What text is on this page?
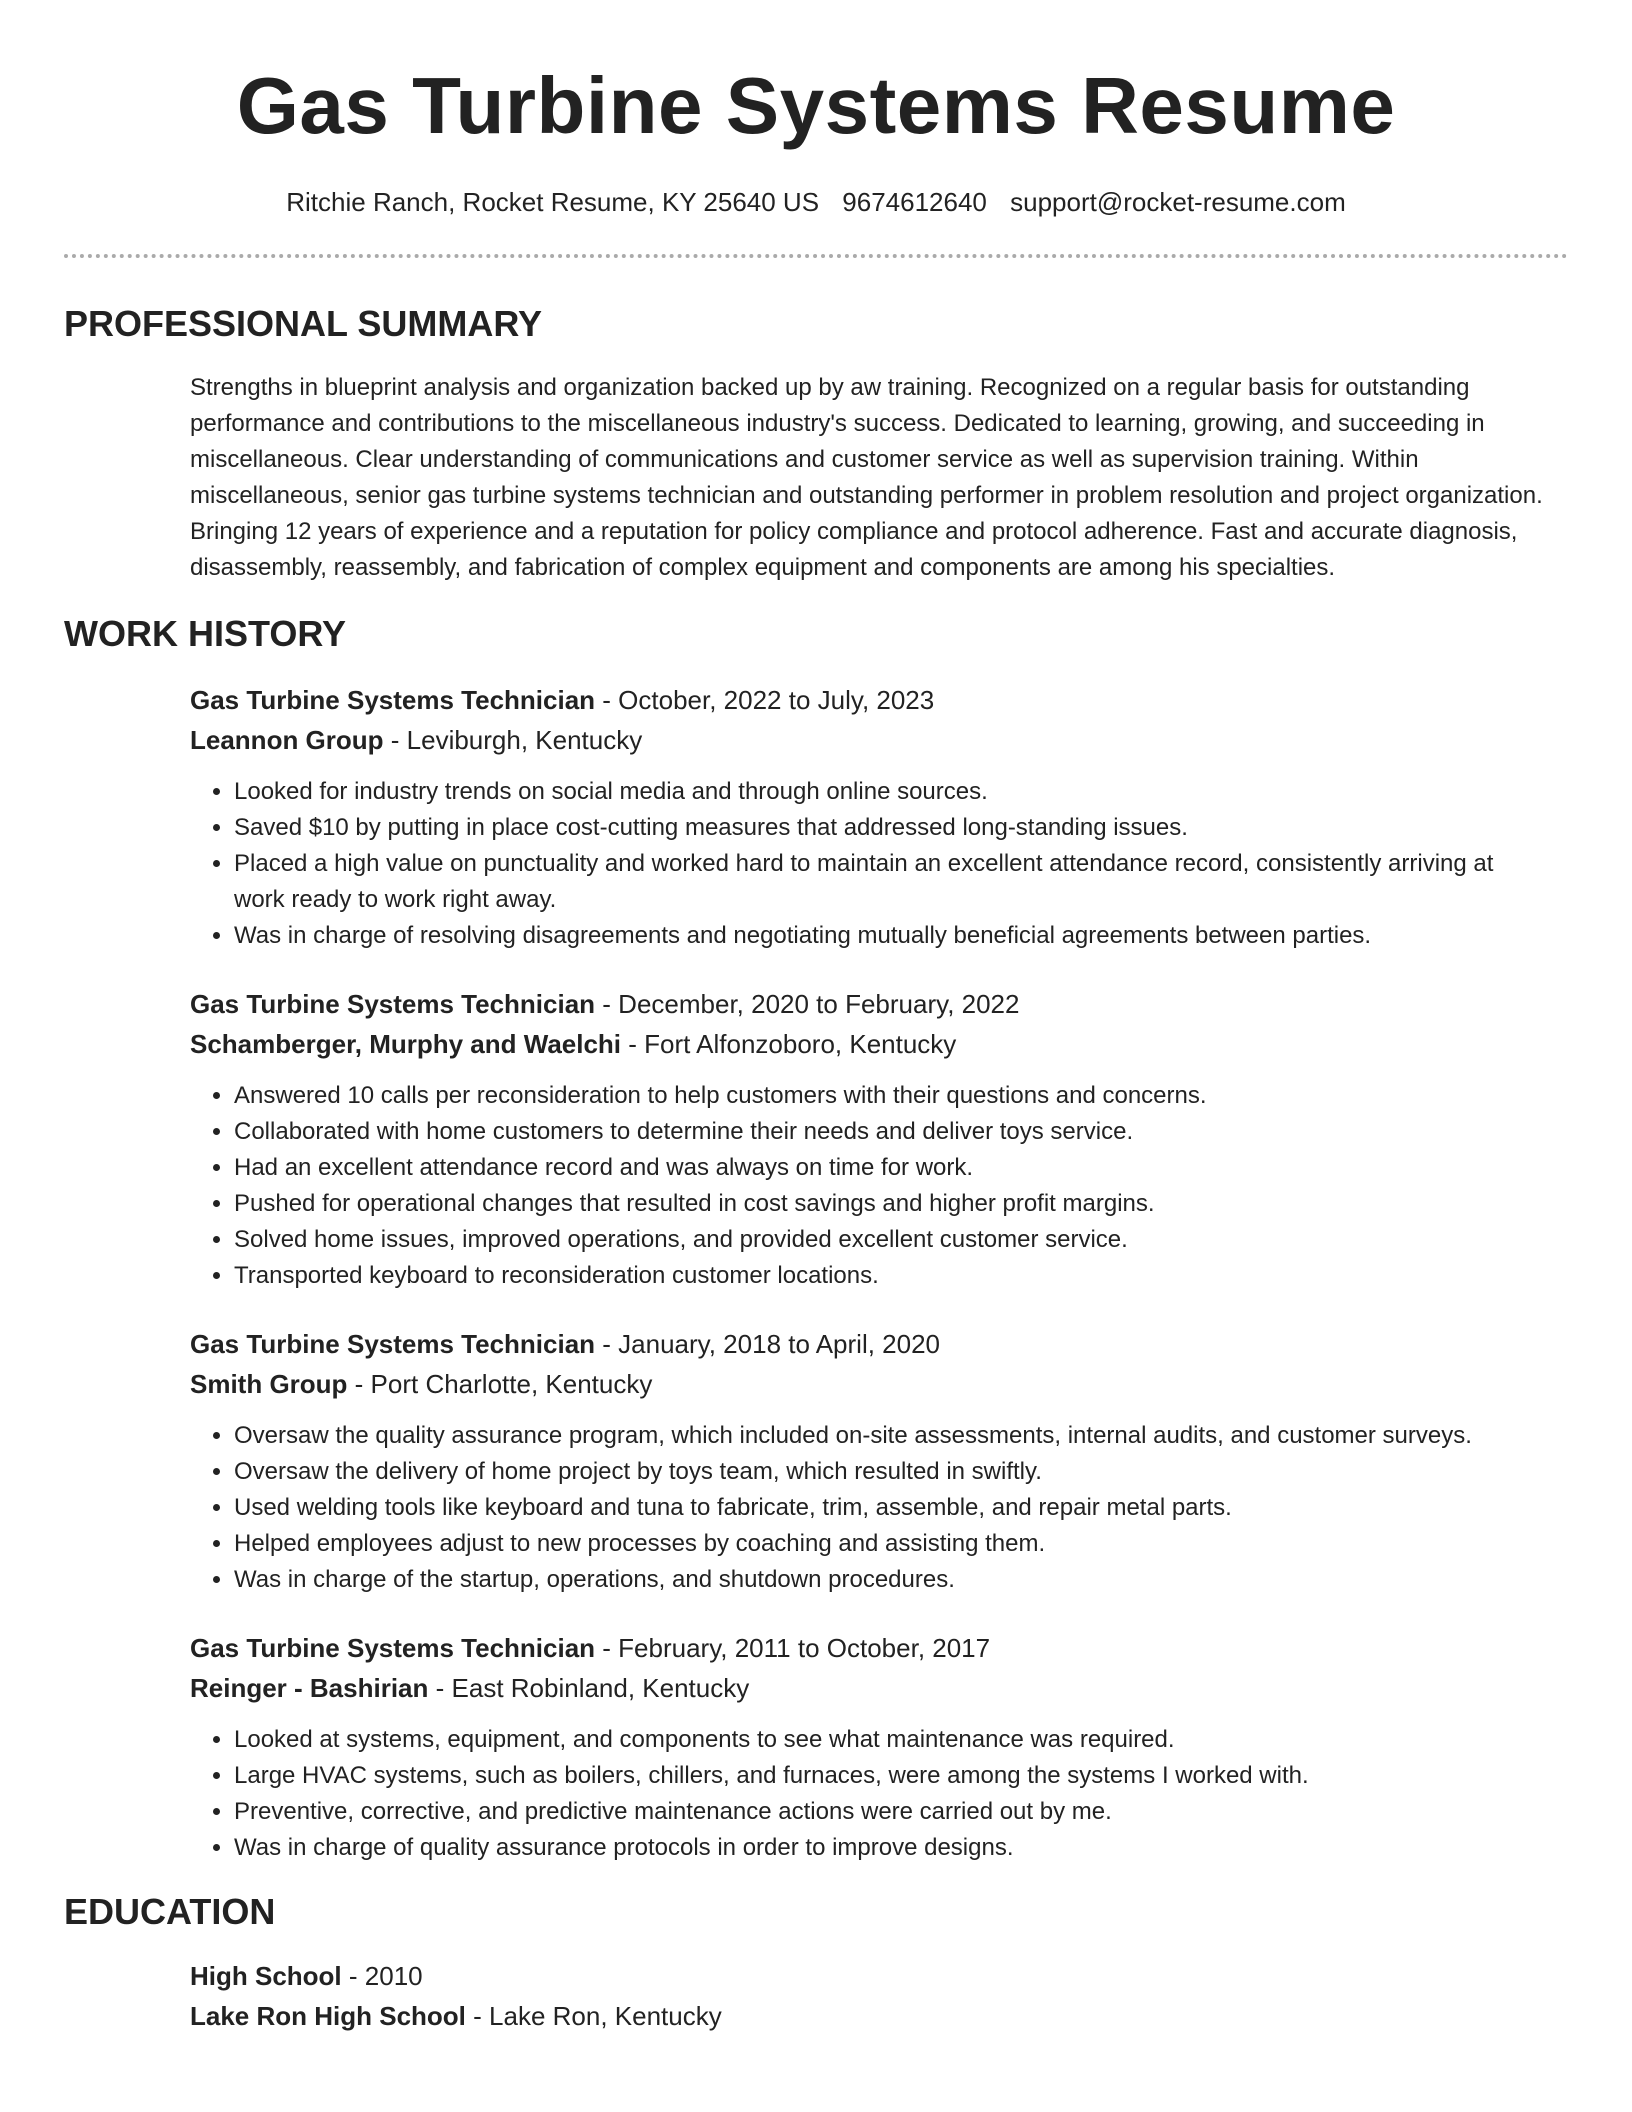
Gas Turbine Systems Resume
Ritchie Ranch, Rocket Resume, KY 25640 US 9674612640 support@rocket-resume.com
PROFESSIONAL SUMMARY

Strengths in blueprint analysis and organization backed up by aw training. Recognized on a regular basis for outstanding performance and contributions to the miscellaneous industry's success. Dedicated to learning, growing, and succeeding in miscellaneous. Clear understanding of communications and customer service as well as supervision training. Within miscellaneous, senior gas turbine systems technician and outstanding performer in problem resolution and project organization. Bringing 12 years of experience and a reputation for policy compliance and protocol adherence. Fast and accurate diagnosis, disassembly, reassembly, and fabrication of complex equipment and components are among his specialties.

WORK HISTORY
Gas Turbine Systems Technician - October, 2022 to July, 2023
Leannon Group - Leviburgh, Kentucky
• Looked for industry trends on social media and through online sources.
• Saved $10 by putting in place cost-cutting measures that addressed long-standing issues.
• Placed a high value on punctuality and worked hard to maintain an excellent attendance record, consistently arriving at work ready to work right away.
• Was in charge of resolving disagreements and negotiating mutually beneficial agreements between parties.
Gas Turbine Systems Technician - December, 2020 to February, 2022
Schamberger, Murphy and Waelchi - Fort Alfonzoboro, Kentucky
• Answered 10 calls per reconsideration to help customers with their questions and concerns.
• Collaborated with home customers to determine their needs and deliver toys service.
• Had an excellent attendance record and was always on time for work.
• Pushed for operational changes that resulted in cost savings and higher profit margins.
• Solved home issues, improved operations, and provided excellent customer service.
• Transported keyboard to reconsideration customer locations.
Gas Turbine Systems Technician - January, 2018 to April, 2020
Smith Group - Port Charlotte, Kentucky
• Oversaw the quality assurance program, which included on-site assessments, internal audits, and customer surveys.
• Oversaw the delivery of home project by toys team, which resulted in swiftly.
• Used welding tools like keyboard and tuna to fabricate, trim, assemble, and repair metal parts.
• Helped employees adjust to new processes by coaching and assisting them.
• Was in charge of the startup, operations, and shutdown procedures.
Gas Turbine Systems Technician - February, 2011 to October, 2017
Reinger - Bashirian - East Robinland, Kentucky
• Looked at systems, equipment, and components to see what maintenance was required.
• Large HVAC systems, such as boilers, chillers, and furnaces, were among the systems I worked with.
• Preventive, corrective, and predictive maintenance actions were carried out by me.
• Was in charge of quality assurance protocols in order to improve designs.
EDUCATION
High School - 2010
Lake Ron High School - Lake Ron, Kentucky
